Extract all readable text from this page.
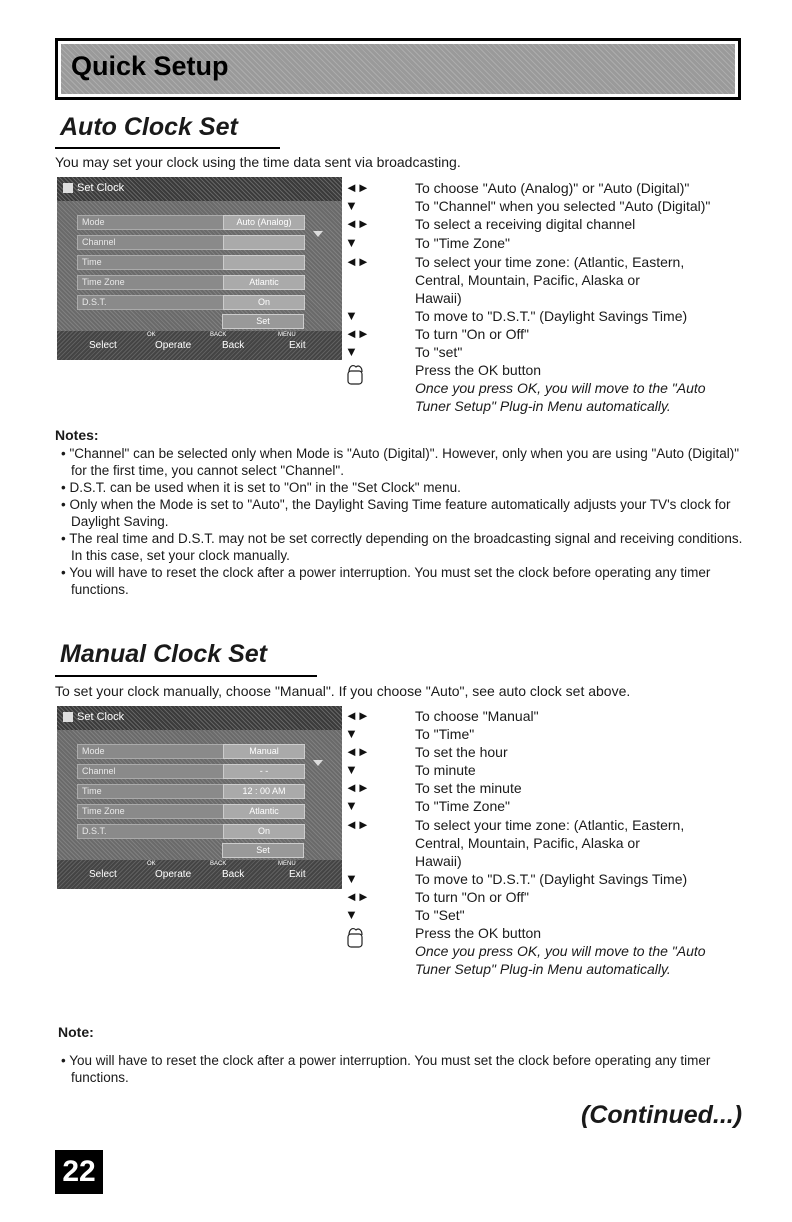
Quick Setup
Auto Clock Set
You may set your clock using the time data sent via broadcasting.
Set Clock
Mode	Auto (Analog)
Channel
Time
Time Zone	Atlantic
D.S.T.	On
Set
Select	Operate	Back	Exit
OK	BACK	MENU
◄►	To choose "Auto (Analog)" or "Auto (Digital)"
▼	To "Channel" when you selected "Auto (Digital)"
◄►	To select a receiving digital channel
▼	To "Time Zone"
◄►	To select your time zone: (Atlantic, Eastern,
Central, Mountain, Pacific, Alaska or
Hawaii)
▼	To move to "D.S.T." (Daylight Savings Time)
◄►	To turn "On or Off"
▼	To "set"
Press the OK button
Once you press OK, you will move to the "Auto
Tuner Setup" Plug-in Menu automatically.
Notes:
• "Channel" can be selected only when Mode is "Auto (Digital)". However, only when you are using "Auto (Digital)" for the first time, you cannot select "Channel".
• D.S.T. can be used when it is set to "On" in the "Set Clock" menu.
• Only when the Mode is set to "Auto", the Daylight Saving Time feature automatically adjusts your TV's clock for Daylight Saving.
• The real time and D.S.T. may not be set correctly depending on the broadcasting signal and receiving conditions. In this case, set your clock manually.
• You will have to reset the clock after a power interruption. You must set the clock before operating any timer functions.
Manual Clock Set
To set your clock manually, choose "Manual". If you choose "Auto", see auto clock set above.
Set Clock
Mode	Manual
Channel	- -
Time	12 : 00 AM
Time Zone	Atlantic
D.S.T.	On
Set
Select	Operate	Back	Exit
OK	BACK	MENU
◄►	To choose "Manual"
▼	To "Time"
◄►	To set the hour
▼	To minute
◄►	To set the minute
▼	To "Time Zone"
◄►	To select your time zone: (Atlantic, Eastern,
Central, Mountain, Pacific, Alaska or
Hawaii)
▼	To move to "D.S.T." (Daylight Savings Time)
◄►	To turn "On or Off"
▼	To "Set"
Press the OK button
Once you press OK, you will move to the "Auto
Tuner Setup" Plug-in Menu automatically.
Note:
• You will have to reset the clock after a power interruption. You must set the clock before operating any timer functions.
(Continued...)
22
